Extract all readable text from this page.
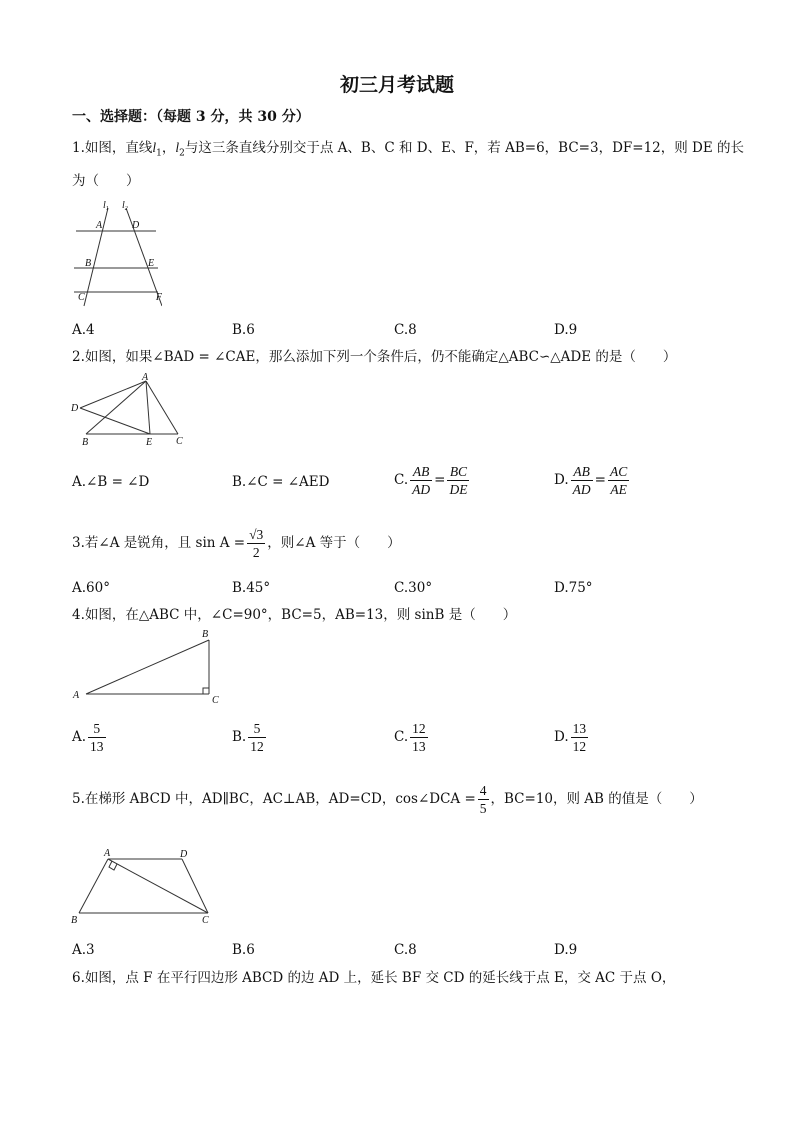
初三月考试题
一、选择题：（每题 3 分，共 30 分）
1.如图，直线$l_1$，$l_2$与这三条直线分别交于点 A、B、C 和 D、E、F，若 AB=6，BC=3，DF=12，则 DE 的长
为（　　）
$l_1$ $l_2$
A	D
B	E
C	F
A.4	B.6	C.8	D.9
2.如图，如果∠BAD = ∠CAE，那么添加下列一个条件后，仍不能确定△ABC∽△ADE 的是（　　）
A
D
B	E C
A.∠B = ∠D	B.∠C = ∠AED	C. $\frac{AB}{AD} = \frac{BC}{DE}$	D. $\frac{AB}{AD} = \frac{AC}{AE}$
3.若∠A 是锐角，且 $\sin A = \frac{√3}{2}$ ，则∠A 等于（　　）
A.60°	B.45°	C.30°	D.75°
4.如图，在△ABC 中，∠C=90°，BC=5，AB=13，则 sinB 是（　　）
A
B
C
A. $\frac{5}{13}$	B. $\frac{5}{12}$	C. $\frac{12}{13}$	D. $\frac{13}{12}$
5.在梯形 ABCD 中，AD∥BC，AC⊥AB，AD=CD，cos∠DCA = $\frac{4}{5}$ ，BC=10，则 AB 的值是（　　）
A	D
B	C
A.3	B.6	C.8	D.9
6.如图，点 F 在平行四边形 ABCD 的边 AD 上，延长 BF 交 CD 的延长线于点 E，交 AC 于点 O，
